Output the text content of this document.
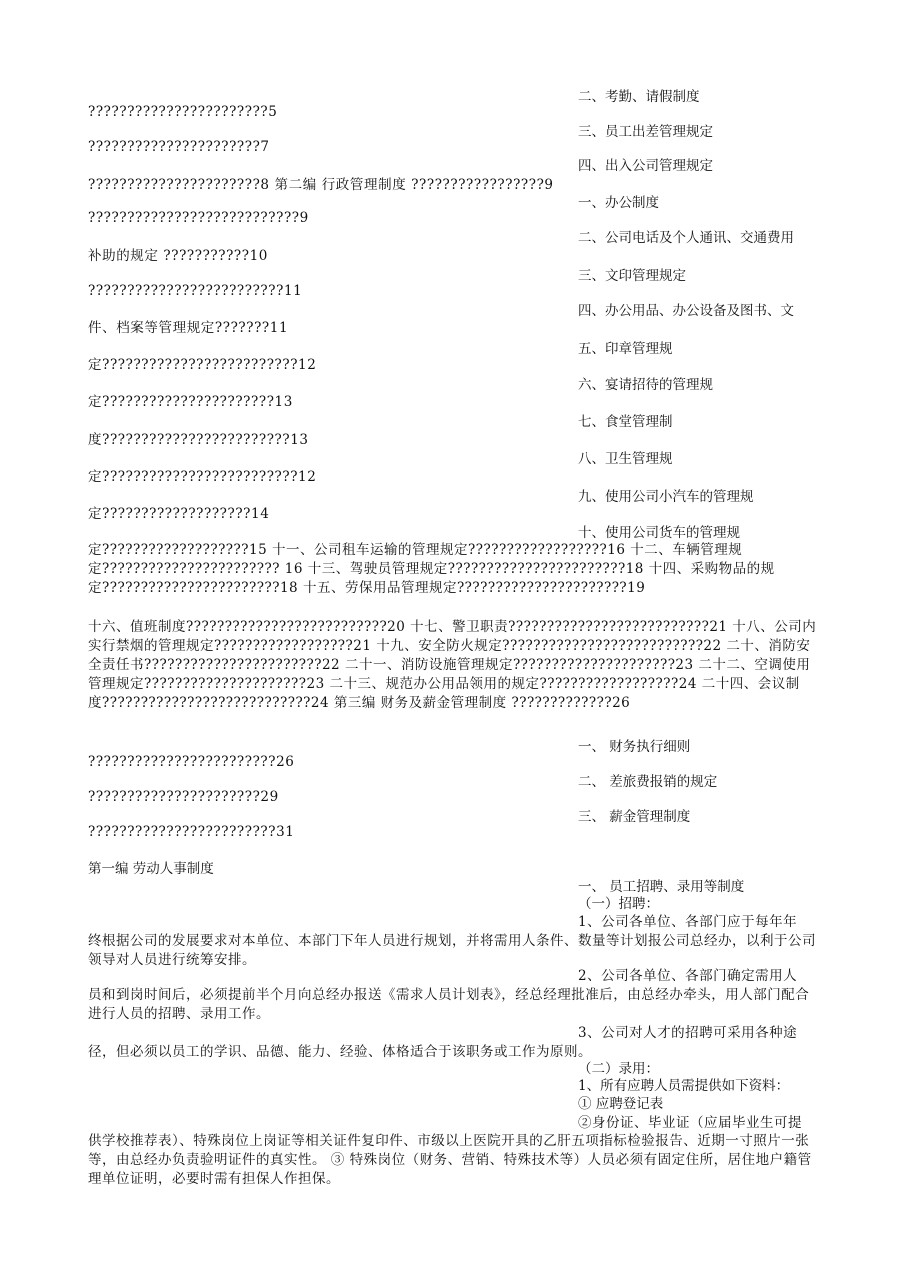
二、考勤、请假制度

三、员工出差管理规定

四、出入公司管理规定

一、办公制度

二、公司电话及个人通讯、交通费用

三、文印管理规定

四、办公用品、办公设备及图书、文

五、印章管理规

六、宴请招待的管理规

七、食堂管理制

八、卫生管理规

九、使用公司小汽车的管理规

十、使用公司货车的管理规

???????????????????????5

??????????????????????7

??????????????????????8 第二编 行政管理制度 ?????????????????9

???????????????????????????9

补助的规定 ???????????10

?????????????????????????11

件、档案等管理规定???????11

定?????????????????????????12

定??????????????????????13

度????????????????????????13

定?????????????????????????12

定???????????????????14

定???????????????????15 十一、公司租车运输的管理规定??????????????????16 十二、车辆管理规定??????????????????????? 16 十三、驾驶员管理规定???????????????????????18 十四、采购物品的规定???????????????????????18 十五、劳保用品管理规定??????????????????????19

十六、值班制度??????????????????????????20 十七、警卫职责??????????????????????????21 十八、公司内实行禁烟的管理规定??????????????????21 十九、安全防火规定??????????????????????????22 二十、消防安全责任书???????????????????????22 二十一、消防设施管理规定?????????????????????23 二十二、空调使用管理规定?????????????????????23 二十三、规范办公用品领用的规定??????????????????24 二十四、会议制度???????????????????????????24 第三编 财务及薪金管理制度 ?????????????26

一、 财务执行细则

二、 差旅费报销的规定

三、 薪金管理制度

????????????????????????26

??????????????????????29

????????????????????????31

第一编 劳动人事制度

一、 员工招聘、录用等制度

（一）招聘：

1、公司各单位、各部门应于每年年

终根据公司的发展要求对本单位、本部门下年人员进行规划，并将需用人条件、数量等计划报公司总经办，以利于公司领导对人员进行统筹安排。

2、公司各单位、各部门确定需用人

员和到岗时间后，必须提前半个月向总经办报送《需求人员计划表》，经总经理批准后，由总经办牵头，用人部门配合进行人员的招聘、录用工作。

3、公司对人才的招聘可采用各种途

径，但必须以员工的学识、品德、能力、经验、体格适合于该职务或工作为原则。

（二）录用：

1、所有应聘人员需提供如下资料：

① 应聘登记表

②身份证、毕业证（应届毕业生可提

供学校推荐表）、特殊岗位上岗证等相关证件复印件、市级以上医院开具的乙肝五项指标检验报告、近期一寸照片一张等，由总经办负责验明证件的真实性。 ③ 特殊岗位（财务、营销、特殊技术等）人员必须有固定住所，居住地户籍管理单位证明，必要时需有担保人作担保。
